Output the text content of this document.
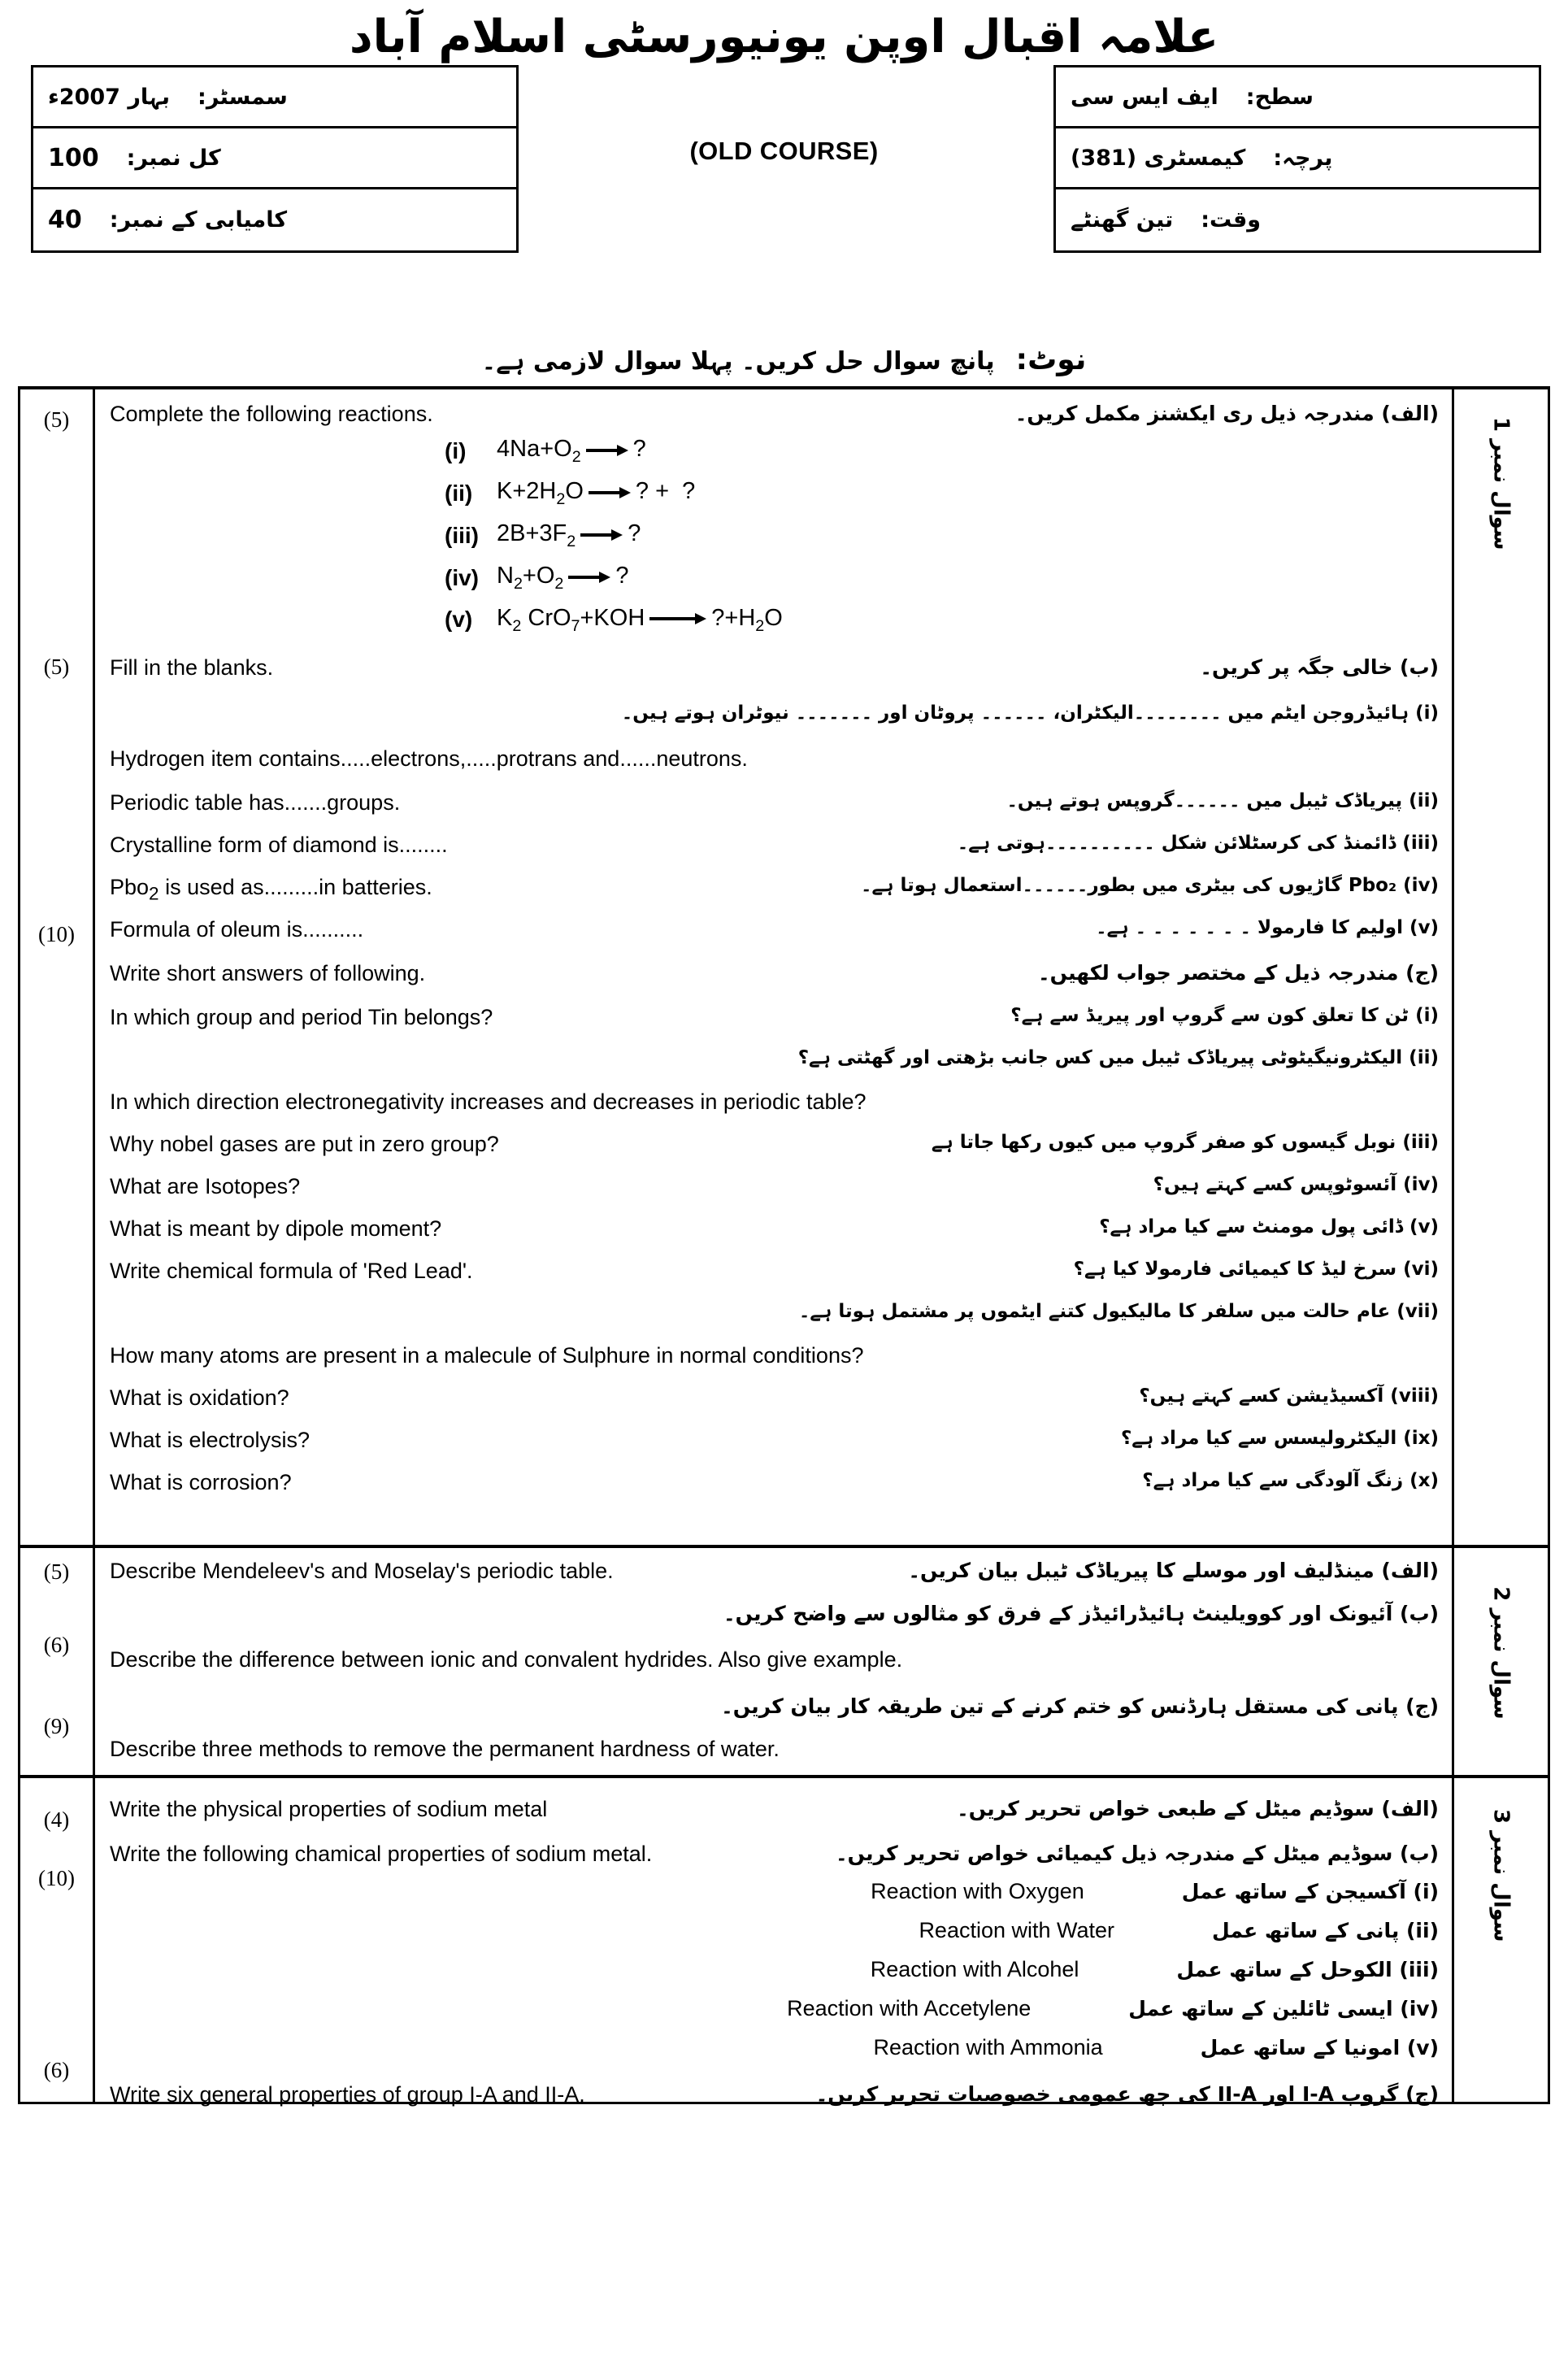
علامہ اقبال اوپن یونیورسٹی اسلام آباد
(OLD COURSE)
سمسٹر:
بہار 2007ء
کل نمبر:
100
کامیابی کے نمبر:
40
سطح:
ایف ایس سی
پرچہ:
کیمسٹری (381)
وقت:
تین گھنٹے
نوٹ:
پانچ سوال حل کریں۔ پہلا سوال لازمی ہے۔
(5)
(5)
(10)
Complete the following reactions.	(الف) مندرجہ ذیل ری ایکشنز مکمل کریں۔
(i)	$4Na+O_2$ ?
(ii)	$K+2H_2O$ ? +  ?
(iii) $2B+3F_2$ ?
(iv) $N_2+O_2$ ?
(v)	$K_2$ CrO$_7$+KOH	$?+H_2O$
Fill in the blanks.	(ب) خالی جگہ پر کریں۔
(i) ہائیڈروجن ایٹم میں ۔۔۔۔۔۔۔۔الیکٹران، ۔۔۔۔۔۔ پروٹان اور ۔۔۔۔۔۔۔ نیوٹران ہوتے ہیں۔
Hydrogen item contains.....electrons,.....protrans and......neutrons.
Periodic table has.......groups.	(ii) پیریاڈک ٹیبل میں ۔۔۔۔۔۔گروپس ہوتے ہیں۔
Crystalline form of diamond is........	(iii) ڈائمنڈ کی کرسٹلائن شکل ۔۔۔۔۔۔۔۔۔۔ہوتی ہے۔
Pbo$_2$ is used as.........in batteries.	(iv) Pbo₂ گاڑیوں کی بیٹری میں بطور۔۔۔۔۔۔استعمال ہوتا ہے۔
Formula of oleum is..........	(v) اولیم کا فارمولا ۔ ۔ ۔ ۔ ۔ ۔ ۔ ہے۔
Write short answers of following.	(ج) مندرجہ ذیل کے مختصر جواب لکھیں۔
In which group and period Tin belongs?	(i) ٹن کا تعلق کون سے گروپ اور پیریڈ سے ہے؟
(ii) الیکٹرونیگیٹوٹی پیریاڈک ٹیبل میں کس جانب بڑھتی اور گھٹتی ہے؟
In which direction electronegativity increases and decreases in periodic table?
Why nobel gases are put in zero group?	(iii) نوبل گیسوں کو صفر گروپ میں کیوں رکھا جاتا ہے
What are Isotopes?	(iv) آئسوٹوپس کسے کہتے ہیں؟
What is meant by dipole moment?	(v) ڈائی پول مومنٹ سے کیا مراد ہے؟
Write chemical formula of 'Red Lead'.	(vi) سرخ لیڈ کا کیمیائی فارمولا کیا ہے؟
(vii) عام حالت میں سلفر کا مالیکیول کتنے ایٹموں پر مشتمل ہوتا ہے۔
How many atoms are present in a malecule of Sulphure in normal conditions?
What is oxidation?	(viii) آکسیڈیشن کسے کہتے ہیں؟
What is electrolysis?	(ix) الیکٹرولیسس سے کیا مراد ہے؟
What is corrosion?	(x) زنگ آلودگی سے کیا مراد ہے؟
سوال نمبر 1
(5)
(6)
(9)
Describe Mendeleev's and Moselay's periodic table.	(الف) مینڈلیف اور موسلے کا پیریاڈک ٹیبل بیان کریں۔
(ب) آئیونک اور کوویلینٹ ہائیڈرائیڈز کے فرق کو مثالوں سے واضح کریں۔
Describe the difference between ionic and convalent hydrides. Also give example.
(ج) پانی کی مستقل ہارڈنس کو ختم کرنے کے تین طریقہ کار بیان کریں۔
Describe three methods to remove the permanent hardness of water.
سوال نمبر 2
(4)
(10)
(6)
Write the physical properties of sodium metal	(الف) سوڈیم میٹل کے طبعی خواص تحریر کریں۔
Write the following chamical properties of sodium metal.	(ب) سوڈیم میٹل کے مندرجہ ذیل کیمیائی خواص تحریر کریں۔
Reaction with Oxygen	(i) آکسیجن کے ساتھ عمل
Reaction with Water	(ii) پانی کے ساتھ عمل
Reaction with Alcohel	(iii) الکوحل کے ساتھ عمل
Reaction with Accetylene	(iv) ایسی ٹائلین کے ساتھ عمل
Reaction with Ammonia	(v) امونیا کے ساتھ عمل
Write six general properties of group I-A and II-A.	(ج) گروپ I-A اور II-A کی چھ عمومی خصوصیات تحریر کریں۔
سوال نمبر 3
